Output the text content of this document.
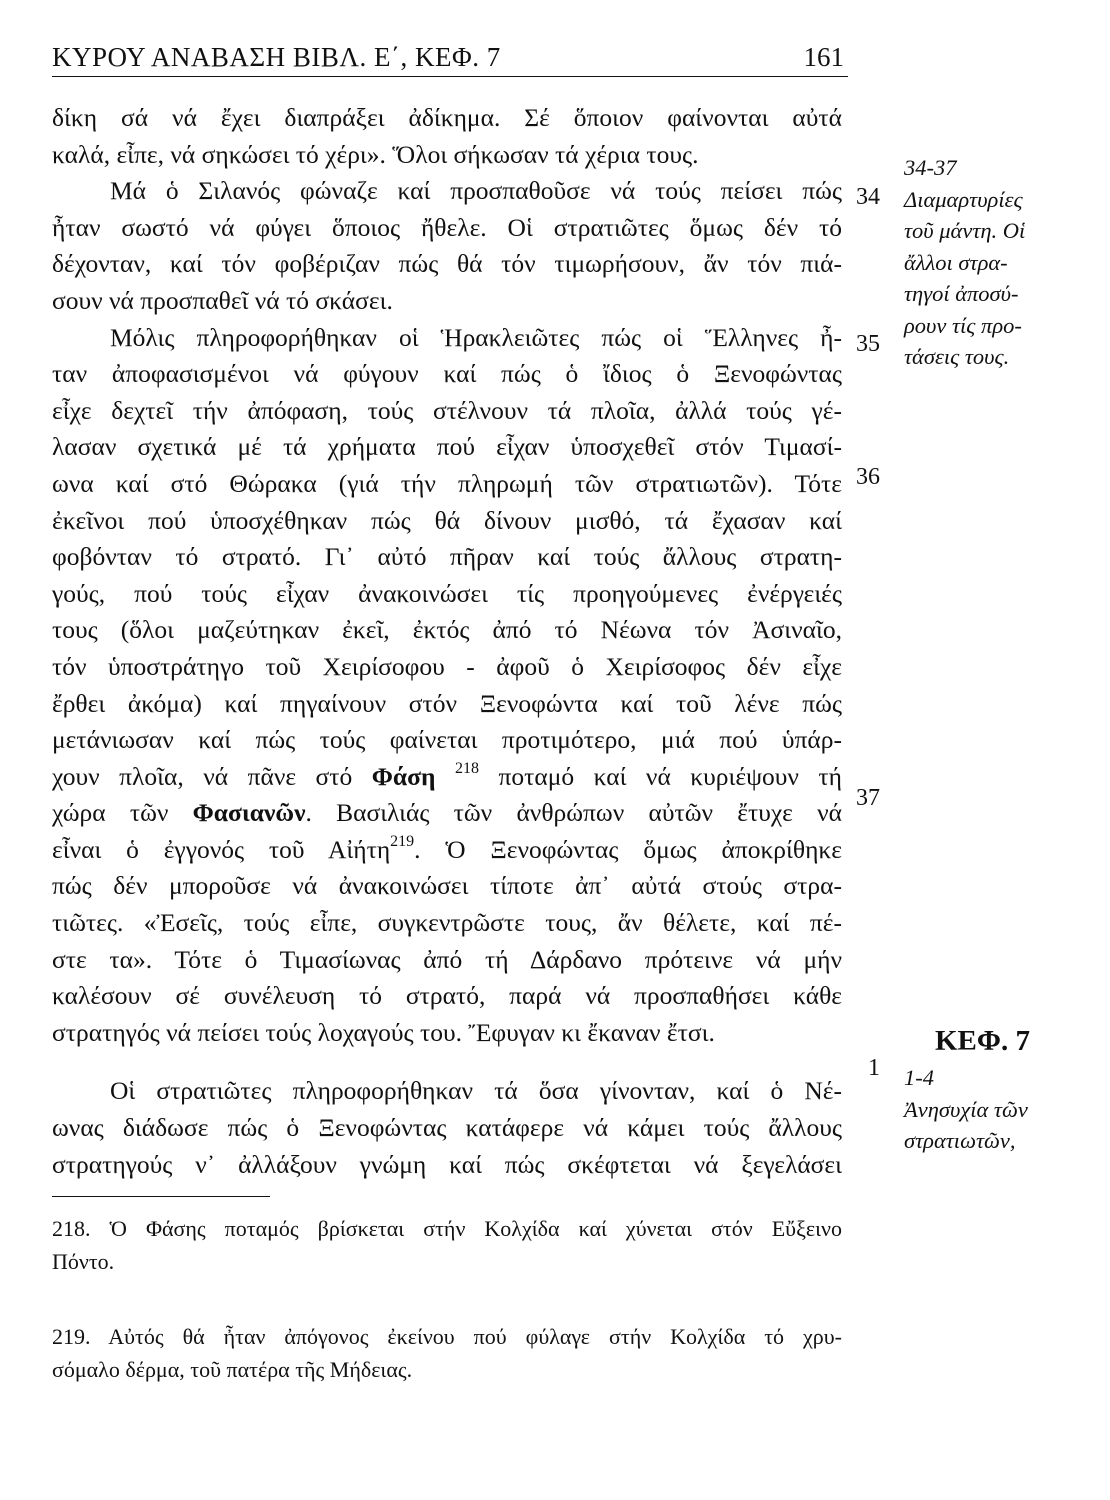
ΚΥΡΟΥ ΑΝΑΒΑΣΗ ΒΙΒΛ. Ε΄, ΚΕΦ. 7	161
δίκη σά νά ἔχει διαπράξει ἀδίκημα. Σέ ὅποιον φαίνονται αὐτά
καλά, εἶπε, νά σηκώσει τό χέρι». Ὅλοι σήκωσαν τά χέρια τους.
Μά ὁ Σιλανός φώναζε καί προσπαθοῦσε νά τούς πείσει πώς
ἦταν σωστό νά φύγει ὅποιος ἤθελε. Οἱ στρατιῶτες ὅμως δέν τό
δέχονταν, καί τόν φοβέριζαν πώς θά τόν τιμωρήσουν, ἄν τόν πιά-
σουν νά προσπαθεῖ νά τό σκάσει.
Μόλις πληροφορήθηκαν οἱ Ἡρακλειῶτες πώς οἱ Ἕλληνες ἦ-
ταν ἀποφασισμένοι νά φύγουν καί πώς ὁ ἴδιος ὁ Ξενοφώντας
εἶχε δεχτεῖ τήν ἀπόφαση, τούς στέλνουν τά πλοῖα, ἀλλά τούς γέ-
λασαν σχετικά μέ τά χρήματα πού εἶχαν ὑποσχεθεῖ στόν Τιμασί-
ωνα καί στό Θώρακα (γιά τήν πληρωμή τῶν στρατιωτῶν). Τότε
ἐκεῖνοι πού ὑποσχέθηκαν πώς θά δίνουν μισθό, τά ἔχασαν καί
φοβόνταν τό στρατό. Γι᾽ αὐτό πῆραν καί τούς ἄλλους στρατη-
γούς, πού τούς εἶχαν ἀνακοινώσει τίς προηγούμενες ἐνέργειές
τους (ὅλοι μαζεύτηκαν ἐκεῖ, ἐκτός ἀπό τό Νέωνα τόν Ἀσιναῖο,
τόν ὑποστράτηγο τοῦ Χειρίσοφου - ἀφοῦ ὁ Χειρίσοφος δέν εἶχε
ἔρθει ἀκόμα) καί πηγαίνουν στόν Ξενοφώντα καί τοῦ λένε πώς
μετάνιωσαν καί πώς τούς φαίνεται προτιμότερο, μιά πού ὑπάρ-
χουν πλοῖα, νά πᾶνε στό Φάση $^{218}$ ποταμό καί νά κυριέψουν τή
χώρα τῶν Φασιανῶν. Βασιλιάς τῶν ἀνθρώπων αὐτῶν ἔτυχε νά
εἶναι ὁ ἐγγονός τοῦ Αἰήτη$^{219}$. Ὁ Ξενοφώντας ὅμως ἀποκρίθηκε
πώς δέν μποροῦσε νά ἀνακοινώσει τίποτε ἀπ᾽ αὐτά στούς στρα-
τιῶτες. «Ἐσεῖς, τούς εἶπε, συγκεντρῶστε τους, ἄν θέλετε, καί πέ-
στε τα». Τότε ὁ Τιμασίωνας ἀπό τή Δάρδανο πρότεινε νά μήν
καλέσουν σέ συνέλευση τό στρατό, παρά νά προσπαθήσει κάθε
στρατηγός νά πείσει τούς λοχαγούς του. Ἔφυγαν κι ἔκαναν ἔτσι.
Οἱ στρατιῶτες πληροφορήθηκαν τά ὅσα γίνονταν, καί ὁ Νέ-
ωνας διάδωσε πώς ὁ Ξενοφώντας κατάφερε νά κάμει τούς ἄλλους
στρατηγούς ν᾽ ἀλλάξουν γνώμη καί πώς σκέφτεται νά ξεγελάσει
34
35
36
37
1
34-37
Διαμαρτυρίες
τοῦ μάντη. Οἱ
ἄλλοι στρα-
τηγοί ἀποσύ-
ρουν τίς προ-
τάσεις τους.
ΚΕΦ. 7
1-4
Ἀνησυχία τῶν
στρατιωτῶν,
218. Ὁ Φάσης ποταμός βρίσκεται στήν Κολχίδα καί χύνεται στόν Εὔξεινο
Πόντο.
219. Αὐτός θά ἦταν ἀπόγονος ἐκείνου πού φύλαγε στήν Κολχίδα τό χρυ-
σόμαλο δέρμα, τοῦ πατέρα τῆς Μήδειας.
